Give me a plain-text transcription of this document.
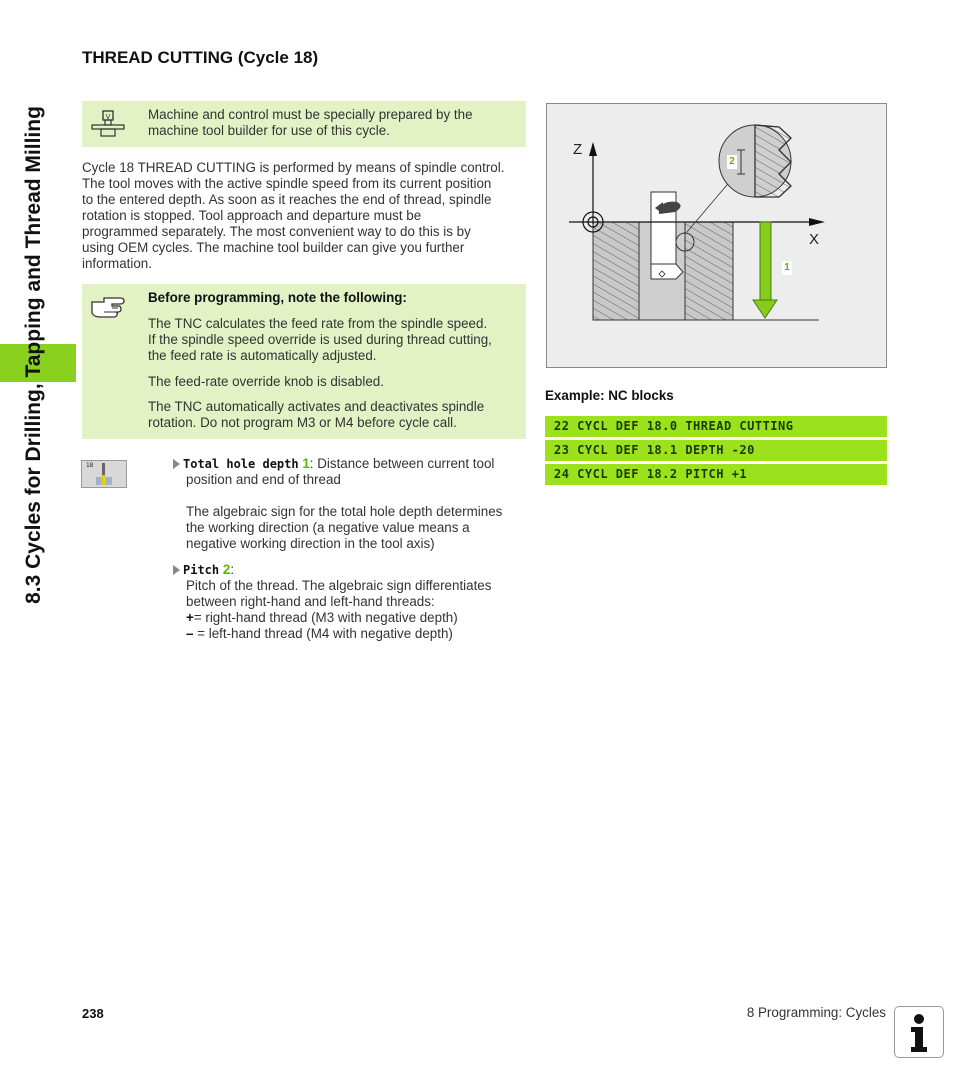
8.3 Cycles for Drilling, Tapping and Thread Milling
THREAD CUTTING (Cycle 18)
V	Machine and control must be specially prepared by the
machine tool builder for use of this cycle.
Cycle 18 THREAD CUTTING is performed by means of spindle control.
The tool moves with the active spindle speed from its current position
to the entered depth. As soon as it reaches the end of thread, spindle
rotation is stopped. Tool approach and departure must be
programmed separately. The most convenient way to do this is by
using OEM cycles. The machine tool builder can give you further
information.
Before programming, note the following:
The TNC calculates the feed rate from the spindle speed.
If the spindle speed override is used during thread cutting,
the feed rate is automatically adjusted.
The feed-rate override knob is disabled.
The TNC automatically activates and deactivates spindle
rotation. Do not program M3 or M4 before cycle call.
18	Total hole depth 1: Distance between current tool
position and end of thread
The algebraic sign for the total hole depth determines
the working direction (a negative value means a
negative working direction in the tool axis)
Pitch 2:
Pitch of the thread. The algebraic sign differentiates
between right-hand and left-hand threads:
+= right-hand thread (M3 with negative depth)
– = left-hand thread (M4 with negative depth)
Z
X
1
2
Example: NC blocks
22 CYCL DEF 18.0 THREAD CUTTING
23 CYCL DEF 18.1 DEPTH -20
24 CYCL DEF 18.2 PITCH +1
238	8 Programming: Cycles
